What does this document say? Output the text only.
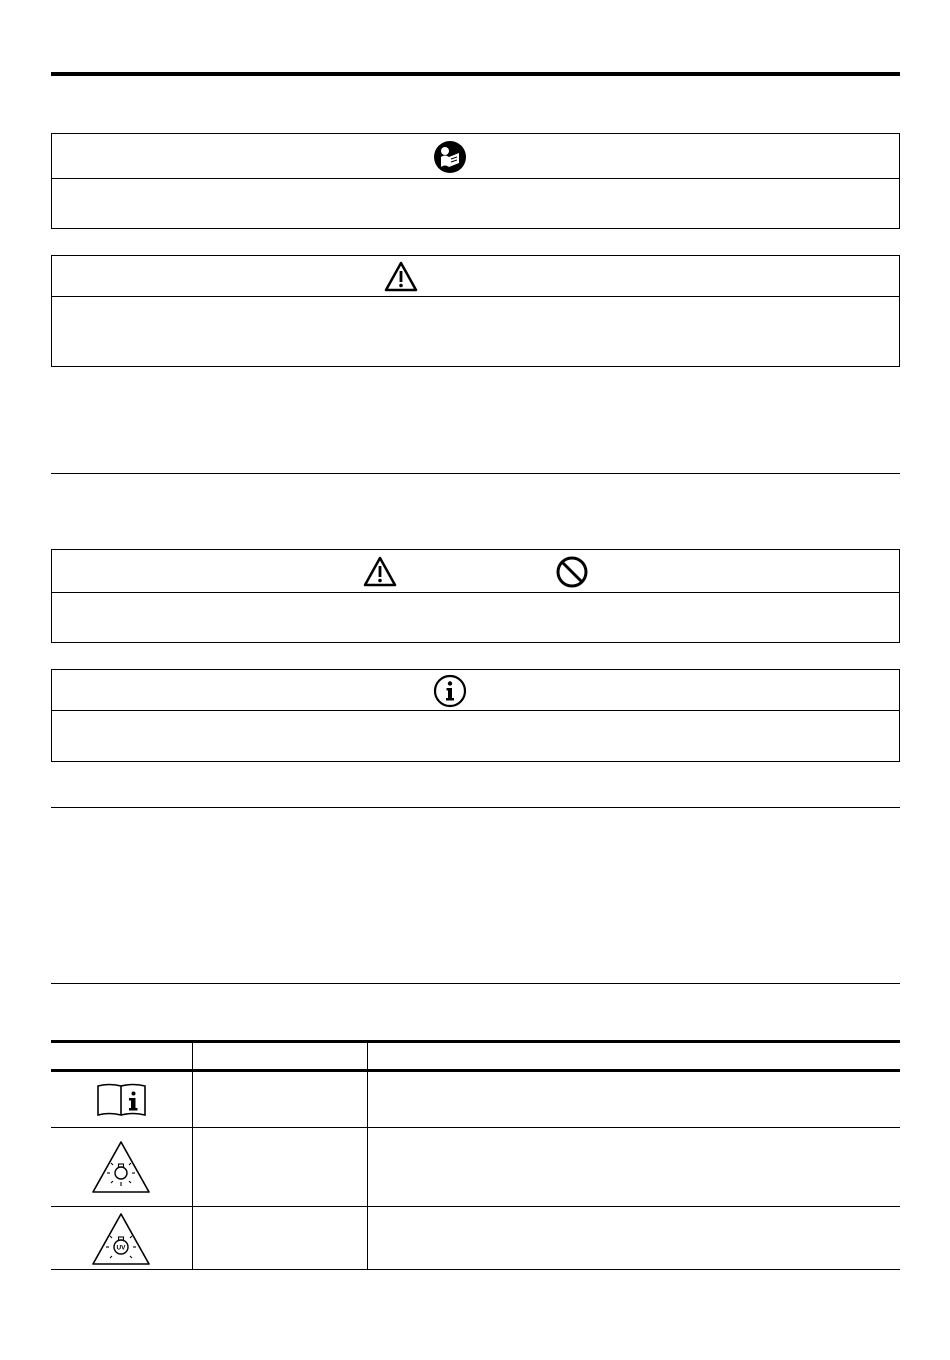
UV
